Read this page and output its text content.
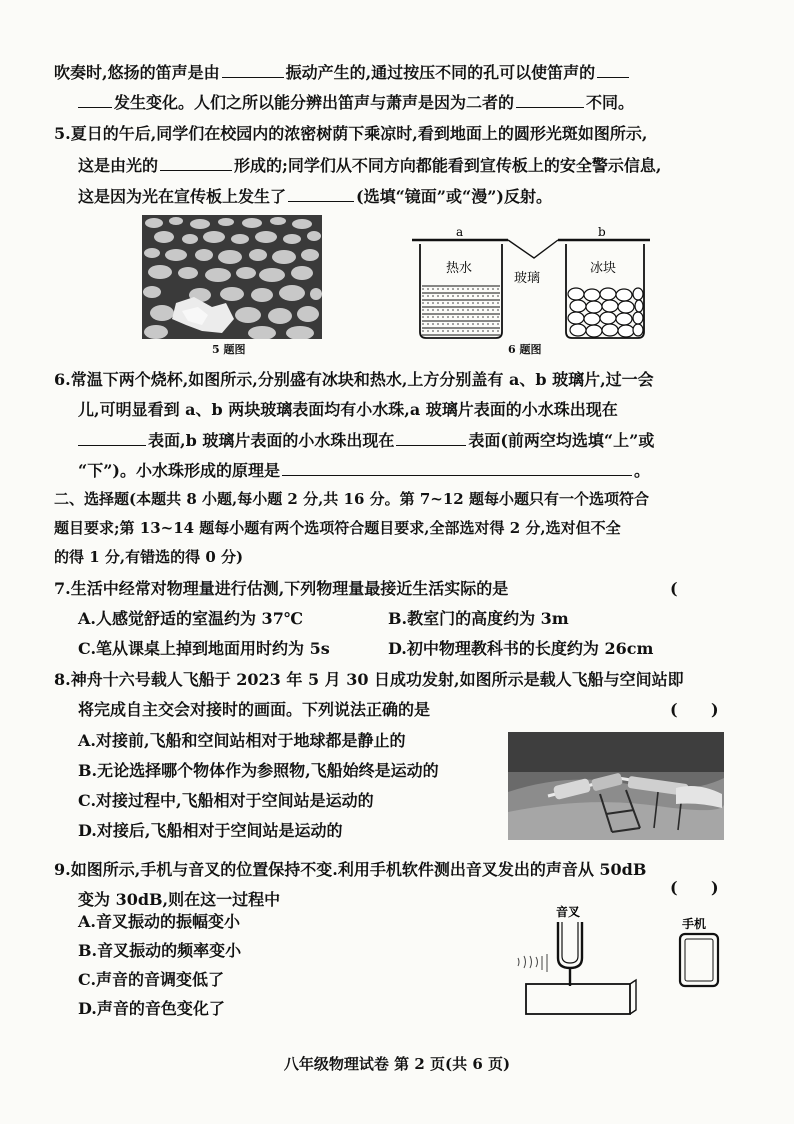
吹奏时,悠扬的笛声是由	振动产生的,通过按压不同的孔可以使笛声的
发生变化。人们之所以能分辨出笛声与萧声是因为二者的	不同。
5.夏日的午后,同学们在校园内的浓密树荫下乘凉时,看到地面上的圆形光斑如图所示,
这是由光的	形成的;同学们从不同方向都能看到宣传板上的安全警示信息,
这是因为光在宣传板上发生了	(选填“镜面”或“漫”)反射。
5 题图
a	b
热水
玻璃
冰块
6 题图
6.常温下两个烧杯,如图所示,分别盛有冰块和热水,上方分别盖有 a、b 玻璃片,过一会
儿,可明显看到 a、b 两块玻璃表面均有小水珠,a 玻璃片表面的小水珠出现在
表面,b 玻璃片表面的小水珠出现在	表面(前两空均选填“上”或
“下”)。小水珠形成的原理是	。
二、选择题(本题共 8 小题,每小题 2 分,共 16 分。第 7~12 题每小题只有一个选项符合
题目要求;第 13~14 题每小题有两个选项符合题目要求,全部选对得 2 分,选对但不全
的得 1 分,有错选的得 0 分)
7.生活中经常对物理量进行估测,下列物理量最接近生活实际的是	(
A.人感觉舒适的室温约为 37℃	B.教室门的高度约为 3m
C.笔从课桌上掉到地面用时约为 5s	D.初中物理教科书的长度约为 26cm
8.神舟十六号载人飞船于 2023 年 5 月 30 日成功发射,如图所示是载人飞船与空间站即
将完成自主交会对接时的画面。下列说法正确的是	(      )
A.对接前,飞船和空间站相对于地球都是静止的
B.无论选择哪个物体作为参照物,飞船始终是运动的
C.对接过程中,飞船相对于空间站是运动的
D.对接后,飞船相对于空间站是运动的
9.如图所示,手机与音叉的位置保持不变.利用手机软件测出音叉发出的声音从 50dB
变为 30dB,则在这一过程中
(      )
A.音叉振动的振幅变小
B.音叉振动的频率变小
C.声音的音调变低了
D.声音的音色变化了
音叉
手机
八年级物理试卷 第 2 页(共 6 页)
